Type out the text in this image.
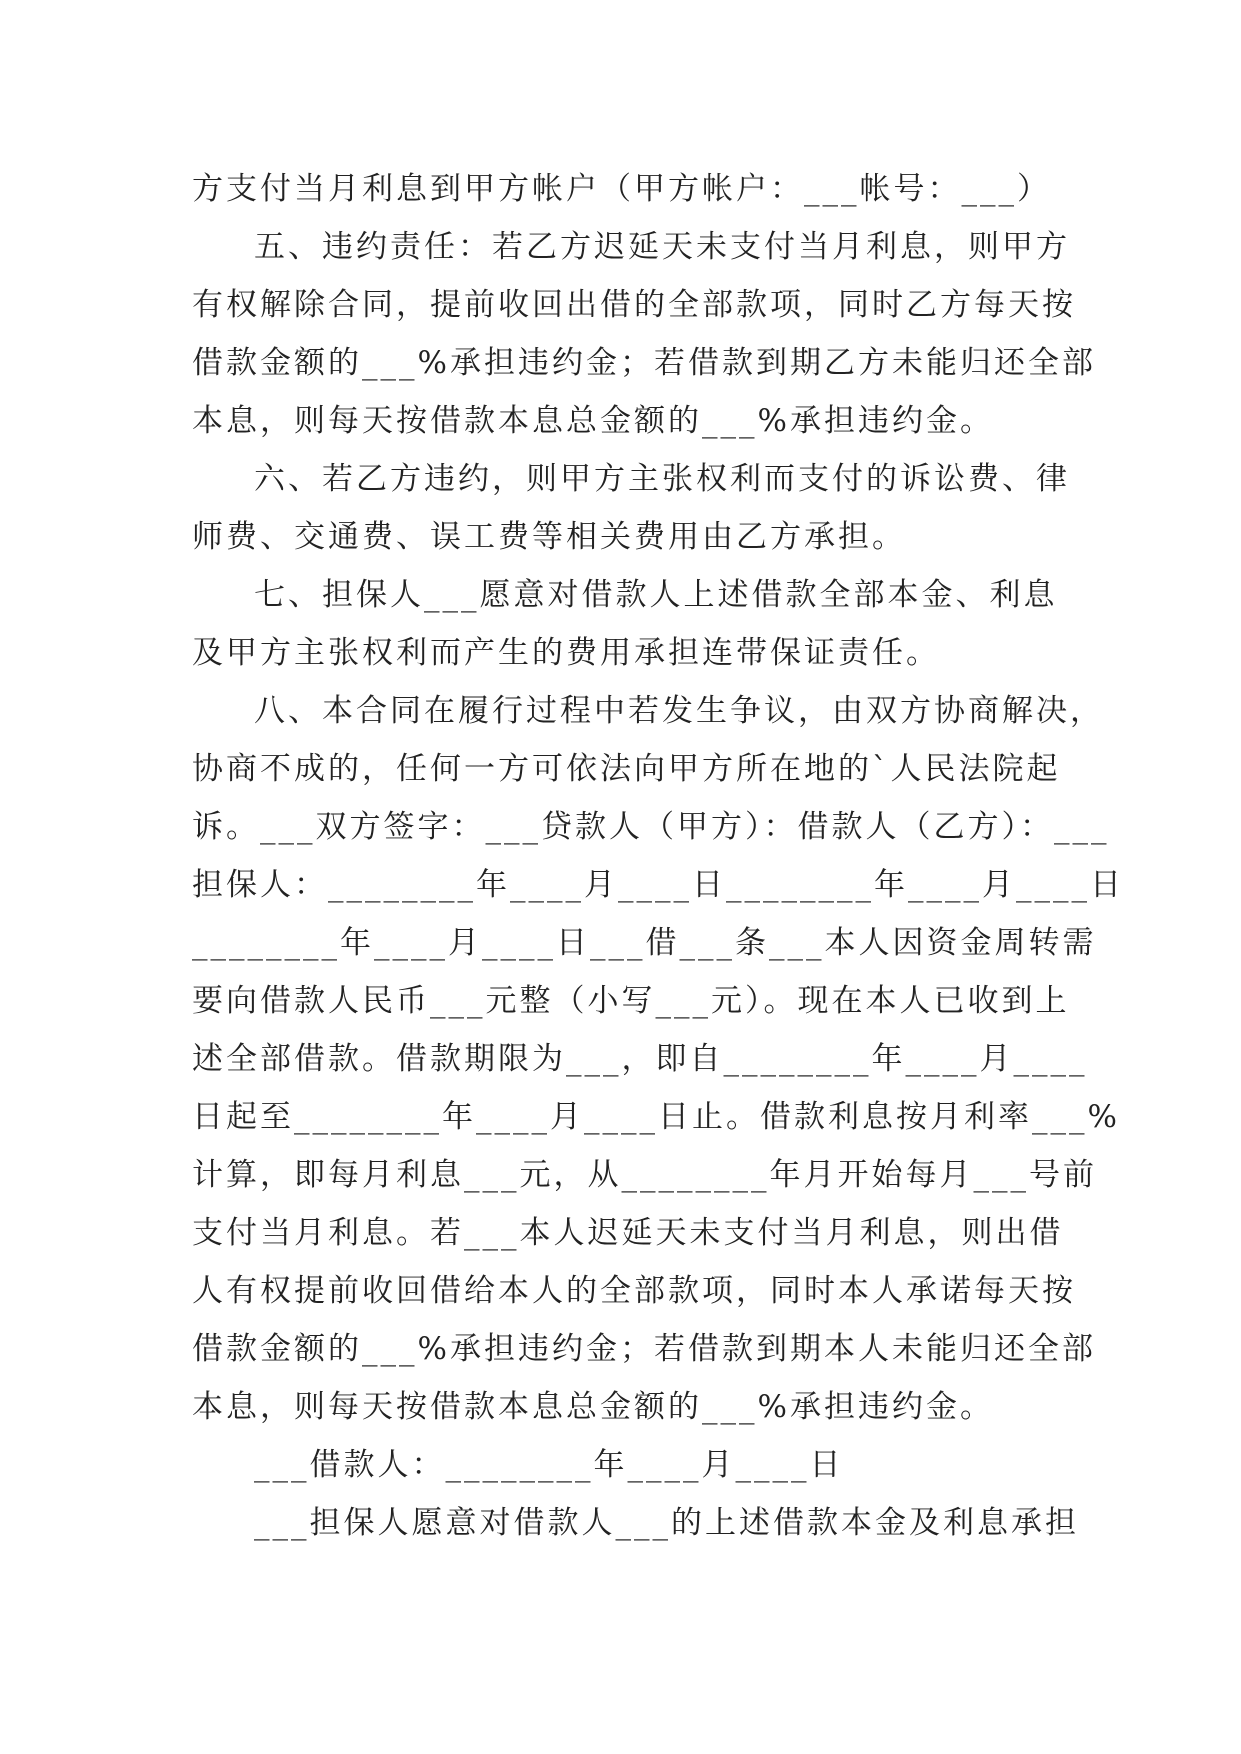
方支付当月利息到甲方帐户（甲方帐户：___帐号：___）
五、违约责任：若乙方迟延天未支付当月利息，则甲方
有权解除合同，提前收回出借的全部款项，同时乙方每天按
借款金额的___%承担违约金；若借款到期乙方未能归还全部
本息，则每天按借款本息总金额的___%承担违约金。
六、若乙方违约，则甲方主张权利而支付的诉讼费、律
师费、交通费、误工费等相关费用由乙方承担。
七、担保人___愿意对借款人上述借款全部本金、利息
及甲方主张权利而产生的费用承担连带保证责任。
八、本合同在履行过程中若发生争议，由双方协商解决，
协商不成的，任何一方可依法向甲方所在地的`人民法院起
诉。___双方签字：___贷款人（甲方）：借款人（乙方）：___
担保人：________年____月____日________年____月____日
________年____月____日___借___条___本人因资金周转需
要向借款人民币___元整（小写___元）。现在本人已收到上
述全部借款。借款期限为___，即自________年____月____
日起至________年____月____日止。借款利息按月利率___%
计算，即每月利息___元，从________年月开始每月___号前
支付当月利息。若___本人迟延天未支付当月利息，则出借
人有权提前收回借给本人的全部款项，同时本人承诺每天按
借款金额的___%承担违约金；若借款到期本人未能归还全部
本息，则每天按借款本息总金额的___%承担违约金。
___借款人：________年____月____日
___担保人愿意对借款人___的上述借款本金及利息承担
